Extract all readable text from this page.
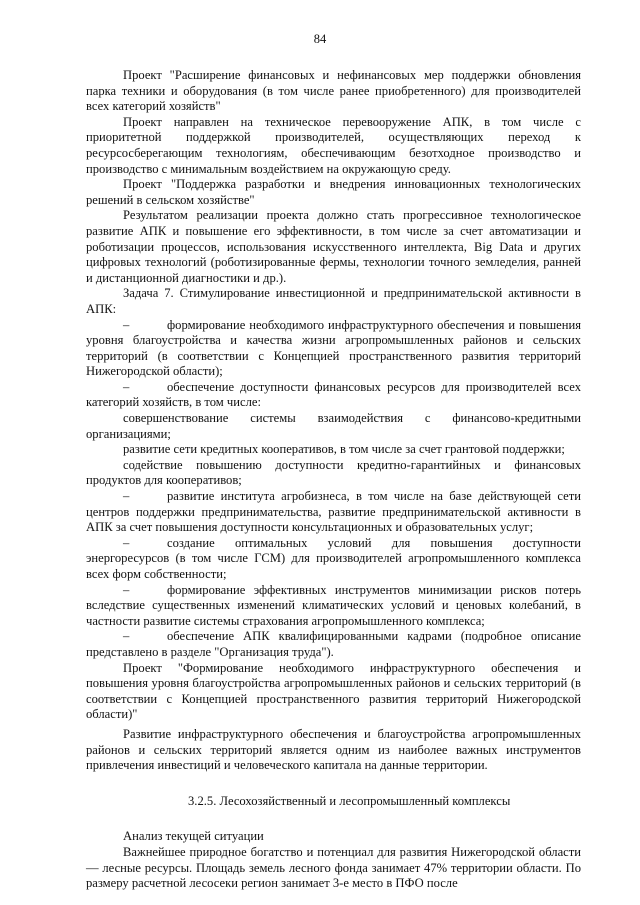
84

Проект "Расширение финансовых и нефинансовых мер поддержки обновления парка техники и оборудования (в том числе ранее приобретенного) для производителей всех категорий хозяйств"

Проект направлен на техническое перевооружение АПК, в том числе с приоритетной поддержкой производителей, осуществляющих переход к ресурсосберегающим технологиям, обеспечивающим безотходное производство и производство с минимальным воздействием на окружающую среду.

Проект "Поддержка разработки и внедрения инновационных технологических решений в сельском хозяйстве"

Результатом реализации проекта должно стать прогрессивное технологическое развитие АПК и повышение его эффективности, в том числе за счет автоматизации и роботизации процессов, использования искусственного интеллекта, Big Data и других цифровых технологий (роботизированные фермы, технологии точного земледелия, ранней и дистанционной диагностики и др.).

Задача 7. Стимулирование инвестиционной и предпринимательской активности в АПК:

–	формирование необходимого инфраструктурного обеспечения и повышения уровня благоустройства и качества жизни агропромышленных районов и сельских территорий (в соответствии с Концепцией пространственного развития территорий Нижегородской области);

–	обеспечение доступности финансовых ресурсов для производителей всех категорий хозяйств, в том числе:

совершенствование системы взаимодействия с финансово-кредитными организациями;

развитие сети кредитных кооперативов, в том числе за счет грантовой поддержки;

содействие повышению доступности кредитно-гарантийных и финансовых продуктов для кооперативов;

–	развитие института агробизнеса, в том числе на базе действующей сети центров поддержки предпринимательства, развитие предпринимательской активности в АПК за счет повышения доступности консультационных и образовательных услуг;

–	создание оптимальных условий для повышения доступности энергоресурсов (в том числе ГСМ) для производителей агропромышленного комплекса всех форм собственности;

–	формирование эффективных инструментов минимизации рисков потерь вследствие существенных изменений климатических условий и ценовых колебаний, в частности развитие системы страхования агропромышленного комплекса;

–	обеспечение АПК квалифицированными кадрами (подробное описание представлено в разделе "Организация труда").

Проект "Формирование необходимого инфраструктурного обеспечения и повышения уровня благоустройства агропромышленных районов и сельских территорий (в соответствии с Концепцией пространственного развития территорий Нижегородской области)"

Развитие инфраструктурного обеспечения и благоустройства агропромышленных районов и сельских территорий является одним из наиболее важных инструментов привлечения инвестиций и человеческого капитала на данные территории.

3.2.5. Лесохозяйственный и лесопромышленный комплексы

Анализ текущей ситуации

Важнейшее природное богатство и потенциал для развития Нижегородской области — лесные ресурсы. Площадь земель лесного фонда занимает 47% территории области. По размеру расчетной лесосеки регион занимает 3-е место в ПФО после
